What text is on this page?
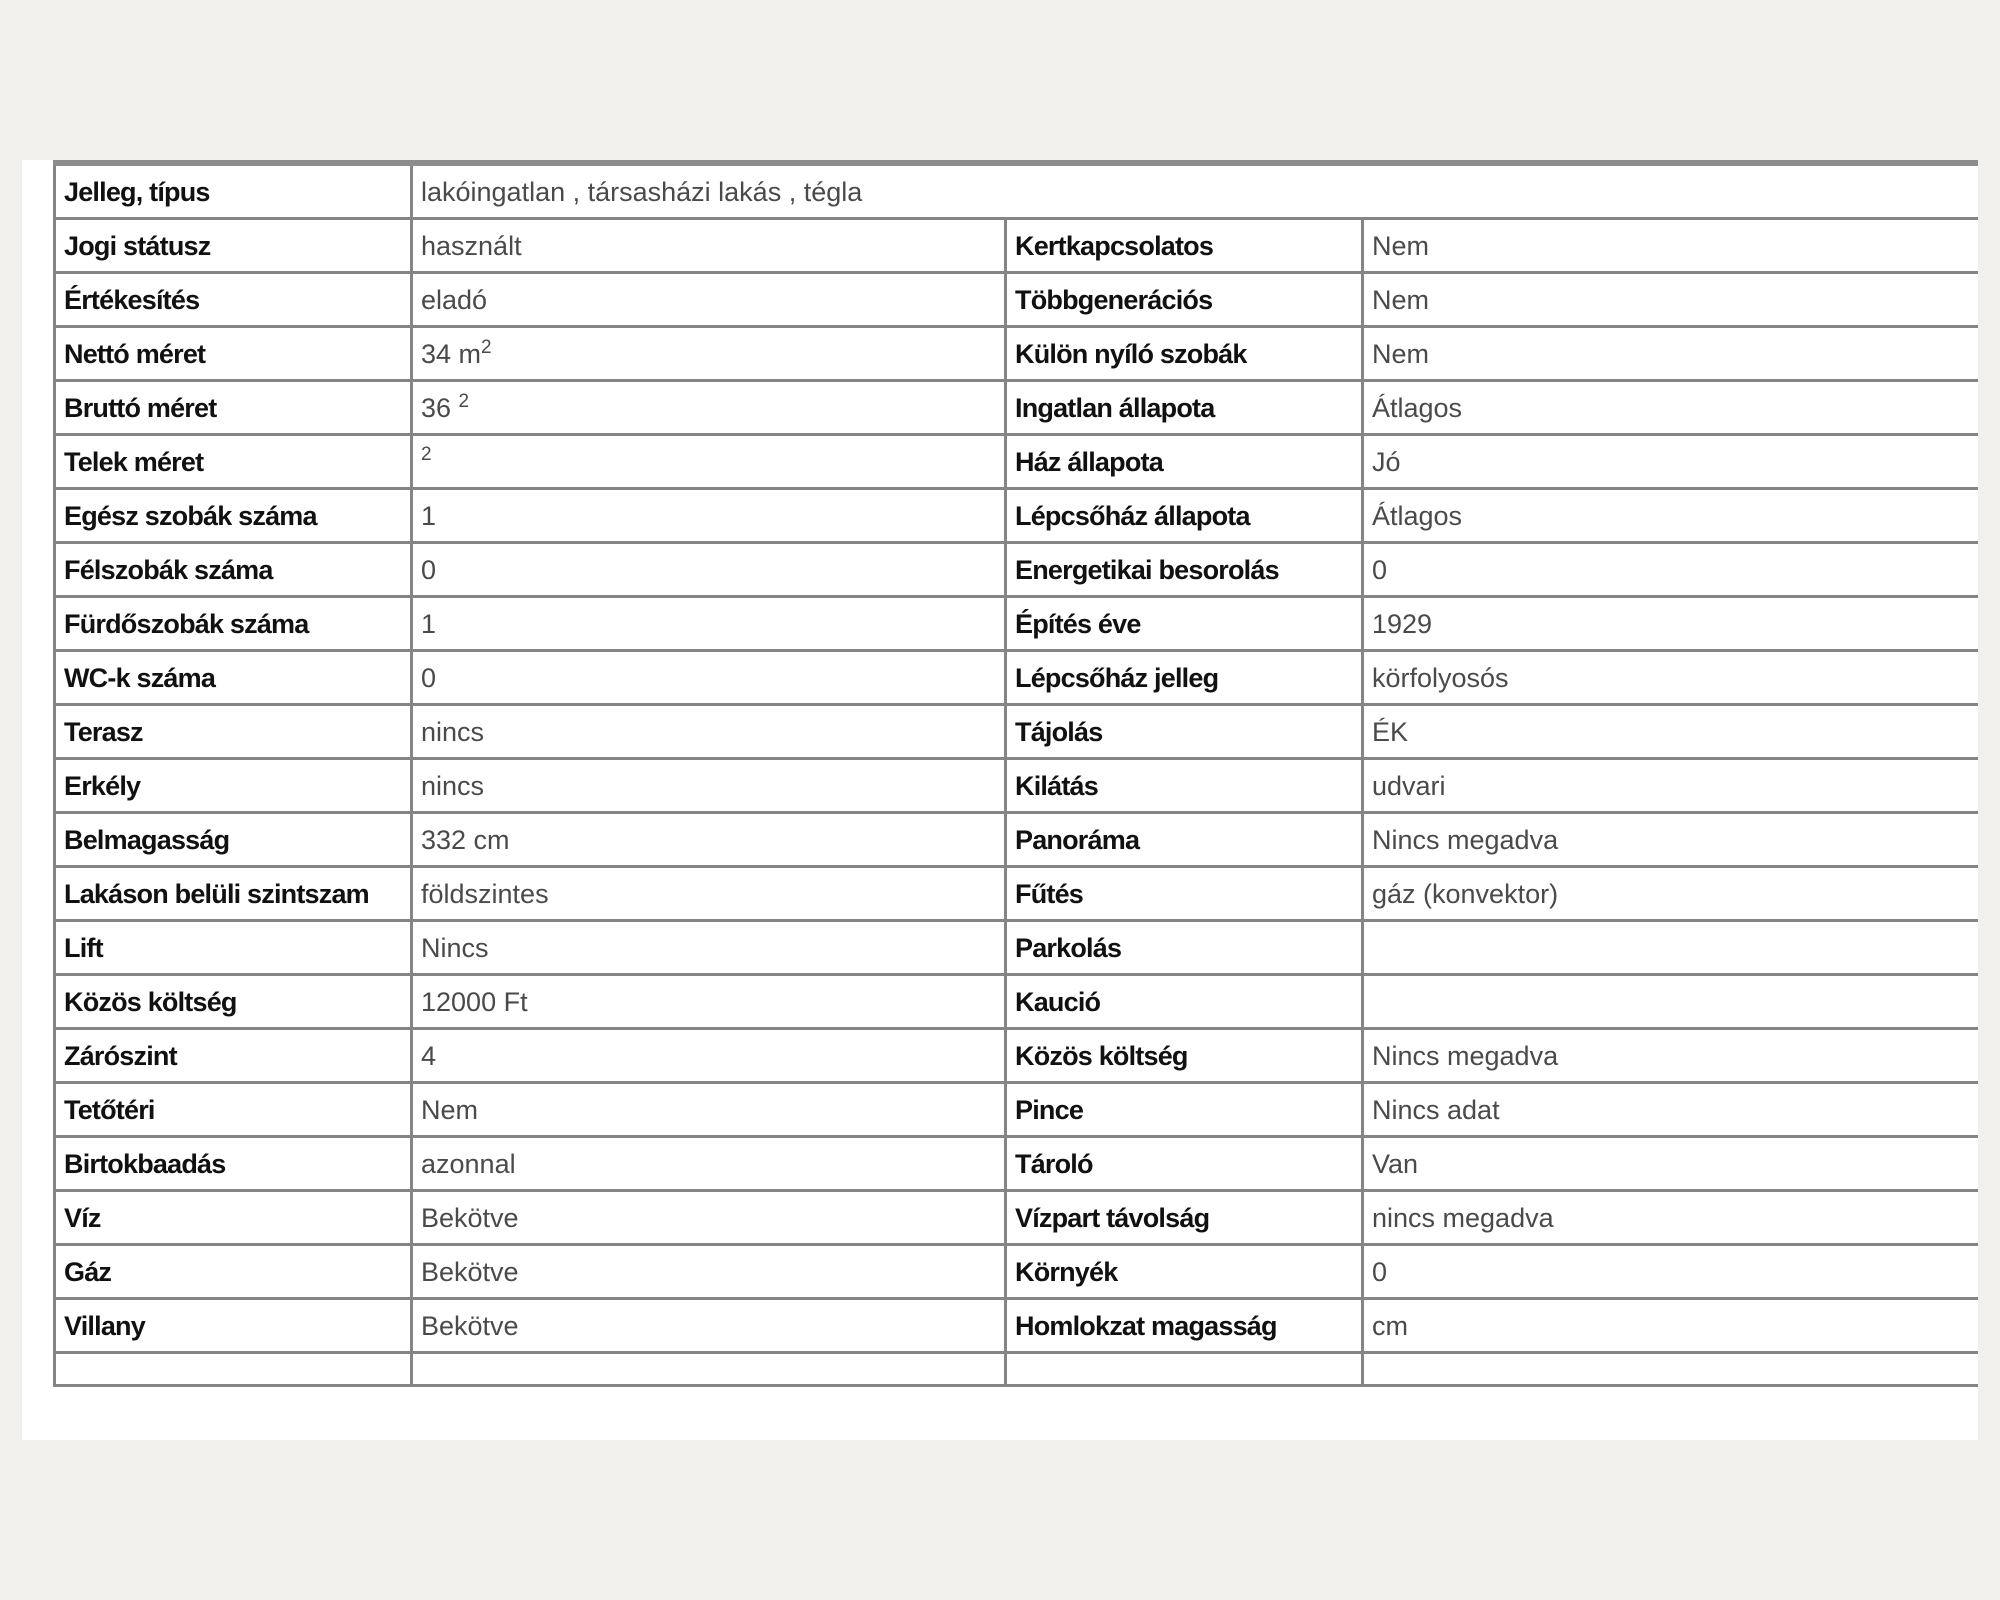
Jelleg, típus	lakóingatlan , társasházi lakás , tégla		
Jogi státusz	használt	Kertkapcsolatos	Nem
Értékesítés	eladó	Többgenerációs	Nem
Nettó méret	34 $m^2$	Külön nyíló szobák	Nem
Bruttó méret	36 $^2$	Ingatlan állapota	Átlagos
Telek méret	2	Ház állapota	Jó
Egész szobák száma	1	Lépcsőház állapota	Átlagos
Félszobák száma	0	Energetikai besorolás	0
Fürdőszobák száma	1	Építés éve	1929
WC-k száma	0	Lépcsőház jelleg	körfolyosós
Terasz	nincs	Tájolás	ÉK
Erkély	nincs	Kilátás	udvari
Belmagasság	332 cm	Panoráma	Nincs megadva
Lakáson belüli szintszam	földszintes	Fűtés	gáz (konvektor)
Lift	Nincs	Parkolás	
Közös költség	12000 Ft	Kaució	
Zárószint	4	Közös költség	Nincs megadva
Tetőtéri	Nem	Pince	Nincs adat
Birtokbaadás	azonnal	Tároló	Van
Víz	Bekötve	Vízpart távolság	nincs megadva
Gáz	Bekötve	Környék	0
Villany	Bekötve	Homlokzat magasság	cm
